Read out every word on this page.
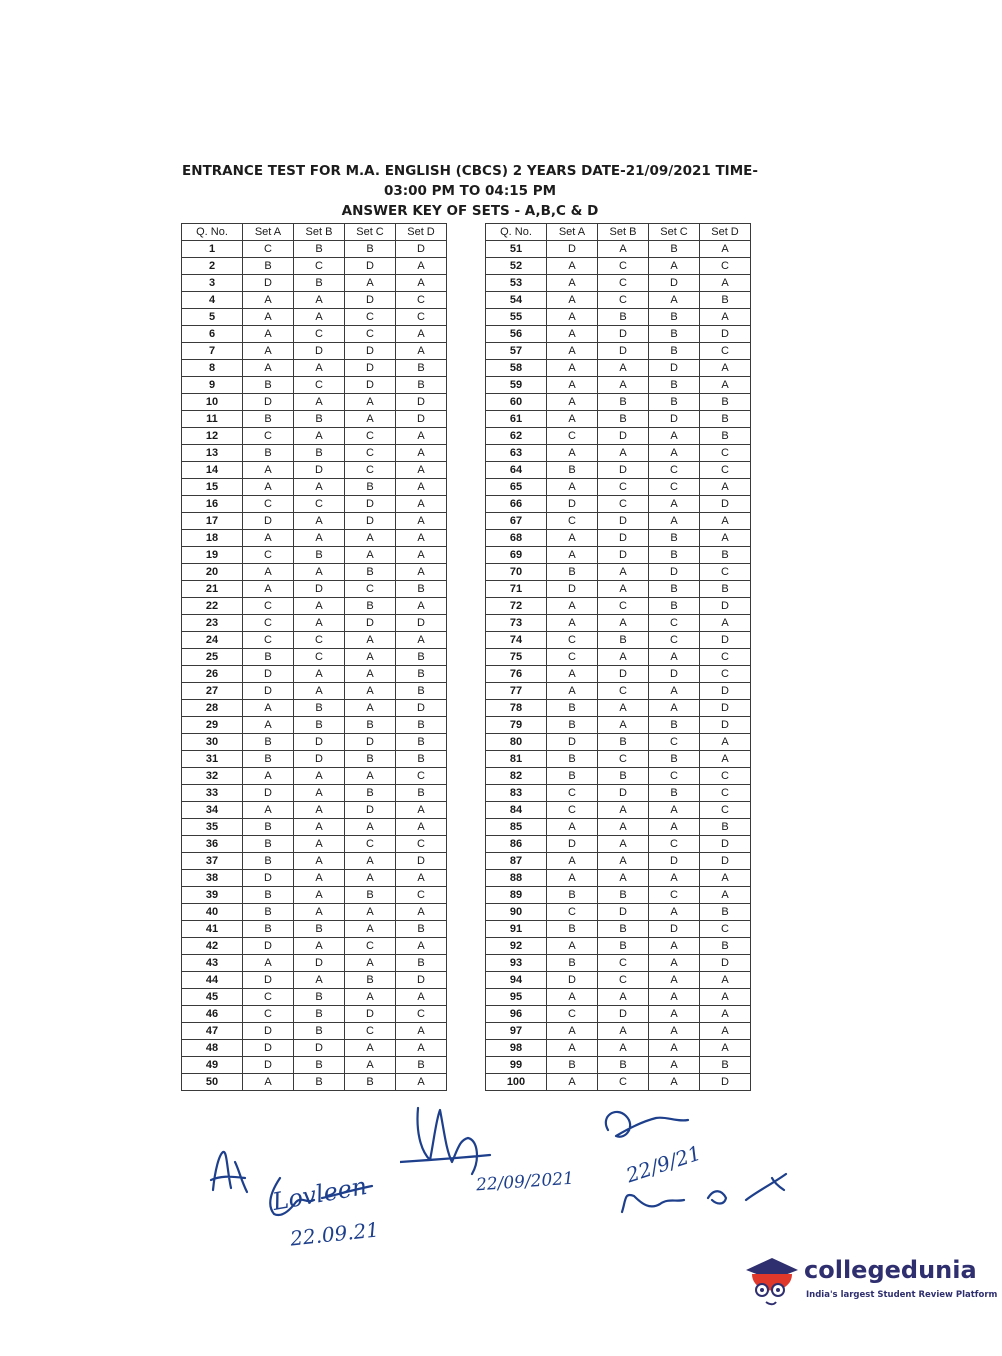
ENTRANCE TEST FOR M.A. ENGLISH (CBCS) 2 YEARS DATE-21/09/2021 TIME-
03:00 PM TO 04:15 PM
ANSWER KEY OF SETS - A,B,C & D
Q. No.	Set A	Set B	Set C	Set D
1	C	B	B	D
2	B	C	D	A
3	D	B	A	A
4	A	A	D	C
5	A	A	C	C
6	A	C	C	A
7	A	D	D	A
8	A	A	D	B
9	B	C	D	B
10	D	A	A	D
11	B	B	A	D
12	C	A	C	A
13	B	B	C	A
14	A	D	C	A
15	A	A	B	A
16	C	C	D	A
17	D	A	D	A
18	A	A	A	A
19	C	B	A	A
20	A	A	B	A
21	A	D	C	B
22	C	A	B	A
23	C	A	D	D
24	C	C	A	A
25	B	C	A	B
26	D	A	A	B
27	D	A	A	B
28	A	B	A	D
29	A	B	B	B
30	B	D	D	B
31	B	D	B	B
32	A	A	A	C
33	D	A	B	B
34	A	A	D	A
35	B	A	A	A
36	B	A	C	C
37	B	A	A	D
38	D	A	A	A
39	B	A	B	C
40	B	A	A	A
41	B	B	A	B
42	D	A	C	A
43	A	D	A	B
44	D	A	B	D
45	C	B	A	A
46	C	B	D	C
47	D	B	C	A
48	D	D	A	A
49	D	B	A	B
50	A	B	B	A
Q. No.	Set A	Set B	Set C	Set D
51	D	A	B	A
52	A	C	A	C
53	A	C	D	A
54	A	C	A	B
55	A	B	B	A
56	A	D	B	D
57	A	D	B	C
58	A	A	D	A
59	A	A	B	A
60	A	B	B	B
61	A	B	D	B
62	C	D	A	B
63	A	A	A	C
64	B	D	C	C
65	A	C	C	A
66	D	C	A	D
67	C	D	A	A
68	A	D	B	A
69	A	D	B	B
70	B	A	D	C
71	D	A	B	B
72	A	C	B	D
73	A	A	C	A
74	C	B	C	D
75	C	A	A	C
76	A	D	D	C
77	A	C	A	D
78	B	A	A	D
79	B	A	B	D
80	D	B	C	A
81	B	C	B	A
82	B	B	C	C
83	C	D	B	C
84	C	A	A	C
85	A	A	A	B
86	D	A	C	D
87	A	A	D	D
88	A	A	A	A
89	B	B	C	A
90	C	D	A	B
91	B	B	D	C
92	A	B	A	B
93	B	C	A	D
94	D	C	A	A
95	A	A	A	A
96	C	D	A	A
97	A	A	A	A
98	A	A	A	A
99	B	B	A	B
100	A	C	A	D
Lovleen
22.09.21
22/09/2021 22/9/21
collegedunia
India's largest Student Review Platform
